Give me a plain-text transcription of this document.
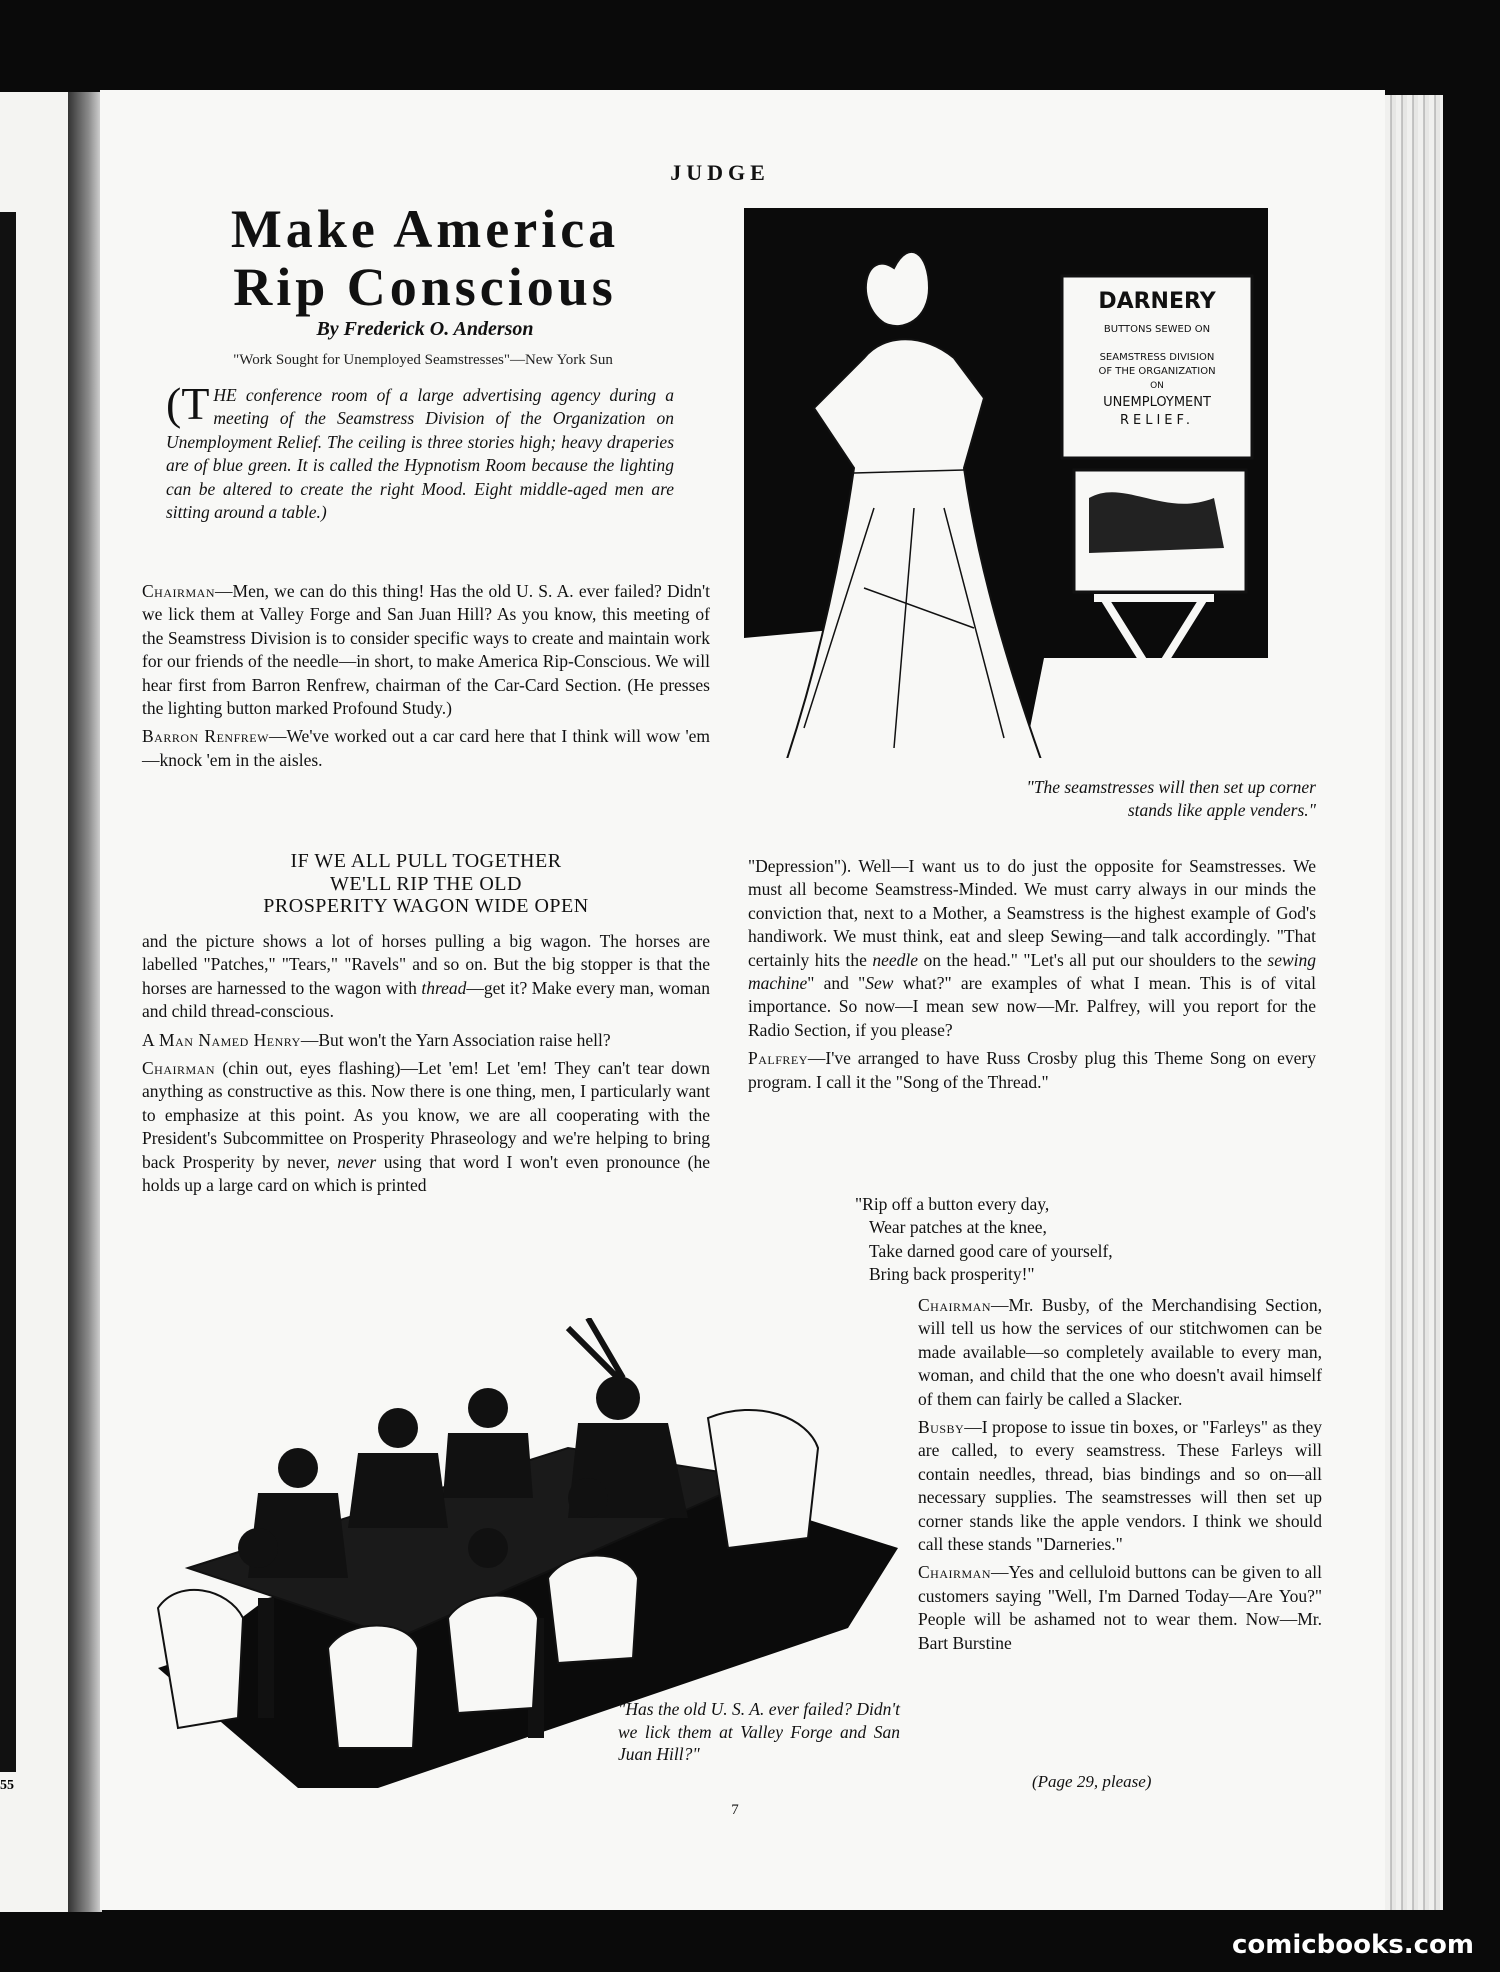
55
JUDGE
Make America
Rip Conscious
By Frederick O. Anderson
"Work Sought for Unemployed Seamstresses"—New York Sun
(THE conference room of a large advertising agency during a meeting of the Seamstress Division of the Organization on Unemployment Relief. The ceiling is three stories high; heavy draperies are of blue green. It is called the Hypnotism Room because the lighting can be altered to create the right Mood. Eight middle-aged men are sitting around a table.)

Chairman—Men, we can do this thing! Has the old U. S. A. ever failed? Didn't we lick them at Valley Forge and San Juan Hill? As you know, this meeting of the Seamstress Division is to consider specific ways to create and maintain work for our friends of the needle—in short, to make America Rip-Conscious. We will hear first from Barron Renfrew, chairman of the Car-Card Section. (He presses the lighting button marked Profound Study.)

Barron Renfrew—We've worked out a car card here that I think will wow 'em—knock 'em in the aisles.

IF WE ALL PULL TOGETHER
WE'LL RIP THE OLD
PROSPERITY WAGON WIDE OPEN

and the picture shows a lot of horses pulling a big wagon. The horses are labelled "Patches," "Tears," "Ravels" and so on. But the big stopper is that the horses are harnessed to the wagon with thread—get it? Make every man, woman and child thread-conscious.

A Man Named Henry—But won't the Yarn Association raise hell?

Chairman (chin out, eyes flashing)—Let 'em! Let 'em! They can't tear down anything as constructive as this. Now there is one thing, men, I particularly want to emphasize at this point. As you know, we are all cooperating with the President's Subcommittee on Prosperity Phraseology and we're helping to bring back Prosperity by never, never using that word I won't even pronounce (he holds up a large card on which is printed

DARNERY
BUTTONS SEWED ON
SEAMSTRESS DIVISION
OF THE ORGANIZATION
ON
UNEMPLOYMENT
RELIEF.
"The seamstresses will then set up corner stands like apple venders."

"Depression"). Well—I want us to do just the opposite for Seamstresses. We must all become Seamstress-Minded. We must carry always in our minds the conviction that, next to a Mother, a Seamstress is the highest example of God's handiwork. We must think, eat and sleep Sewing—and talk accordingly. "That certainly hits the needle on the head." "Let's all put our shoulders to the sewing machine" and "Sew what?" are examples of what I mean. This is of vital importance. So now—I mean sew now—Mr. Palfrey, will you report for the Radio Section, if you please?

Palfrey—I've arranged to have Russ Crosby plug this Theme Song on every program. I call it the "Song of the Thread."

"Rip off a button every day,
Wear patches at the knee,
Take darned good care of yourself,
Bring back prosperity!"

Chairman—Mr. Busby, of the Merchandising Section, will tell us how the services of our stitchwomen can be made available—so completely available to every man, woman, and child that the one who doesn't avail himself of them can fairly be called a Slacker.

Busby—I propose to issue tin boxes, or "Farleys" as they are called, to every seamstress. These Farleys will contain needles, thread, bias bindings and so on—all necessary supplies. The seamstresses will then set up corner stands like the apple vendors. I think we should call these stands "Darneries."

Chairman—Yes and celluloid buttons can be given to all customers saying "Well, I'm Darned Today—Are You?" People will be ashamed not to wear them. Now—Mr. Bart Burstine

(Page 29, please)
"Has the old U. S. A. ever failed? Didn't we lick them at Valley Forge and San Juan Hill?"
7
comicbooks.com
